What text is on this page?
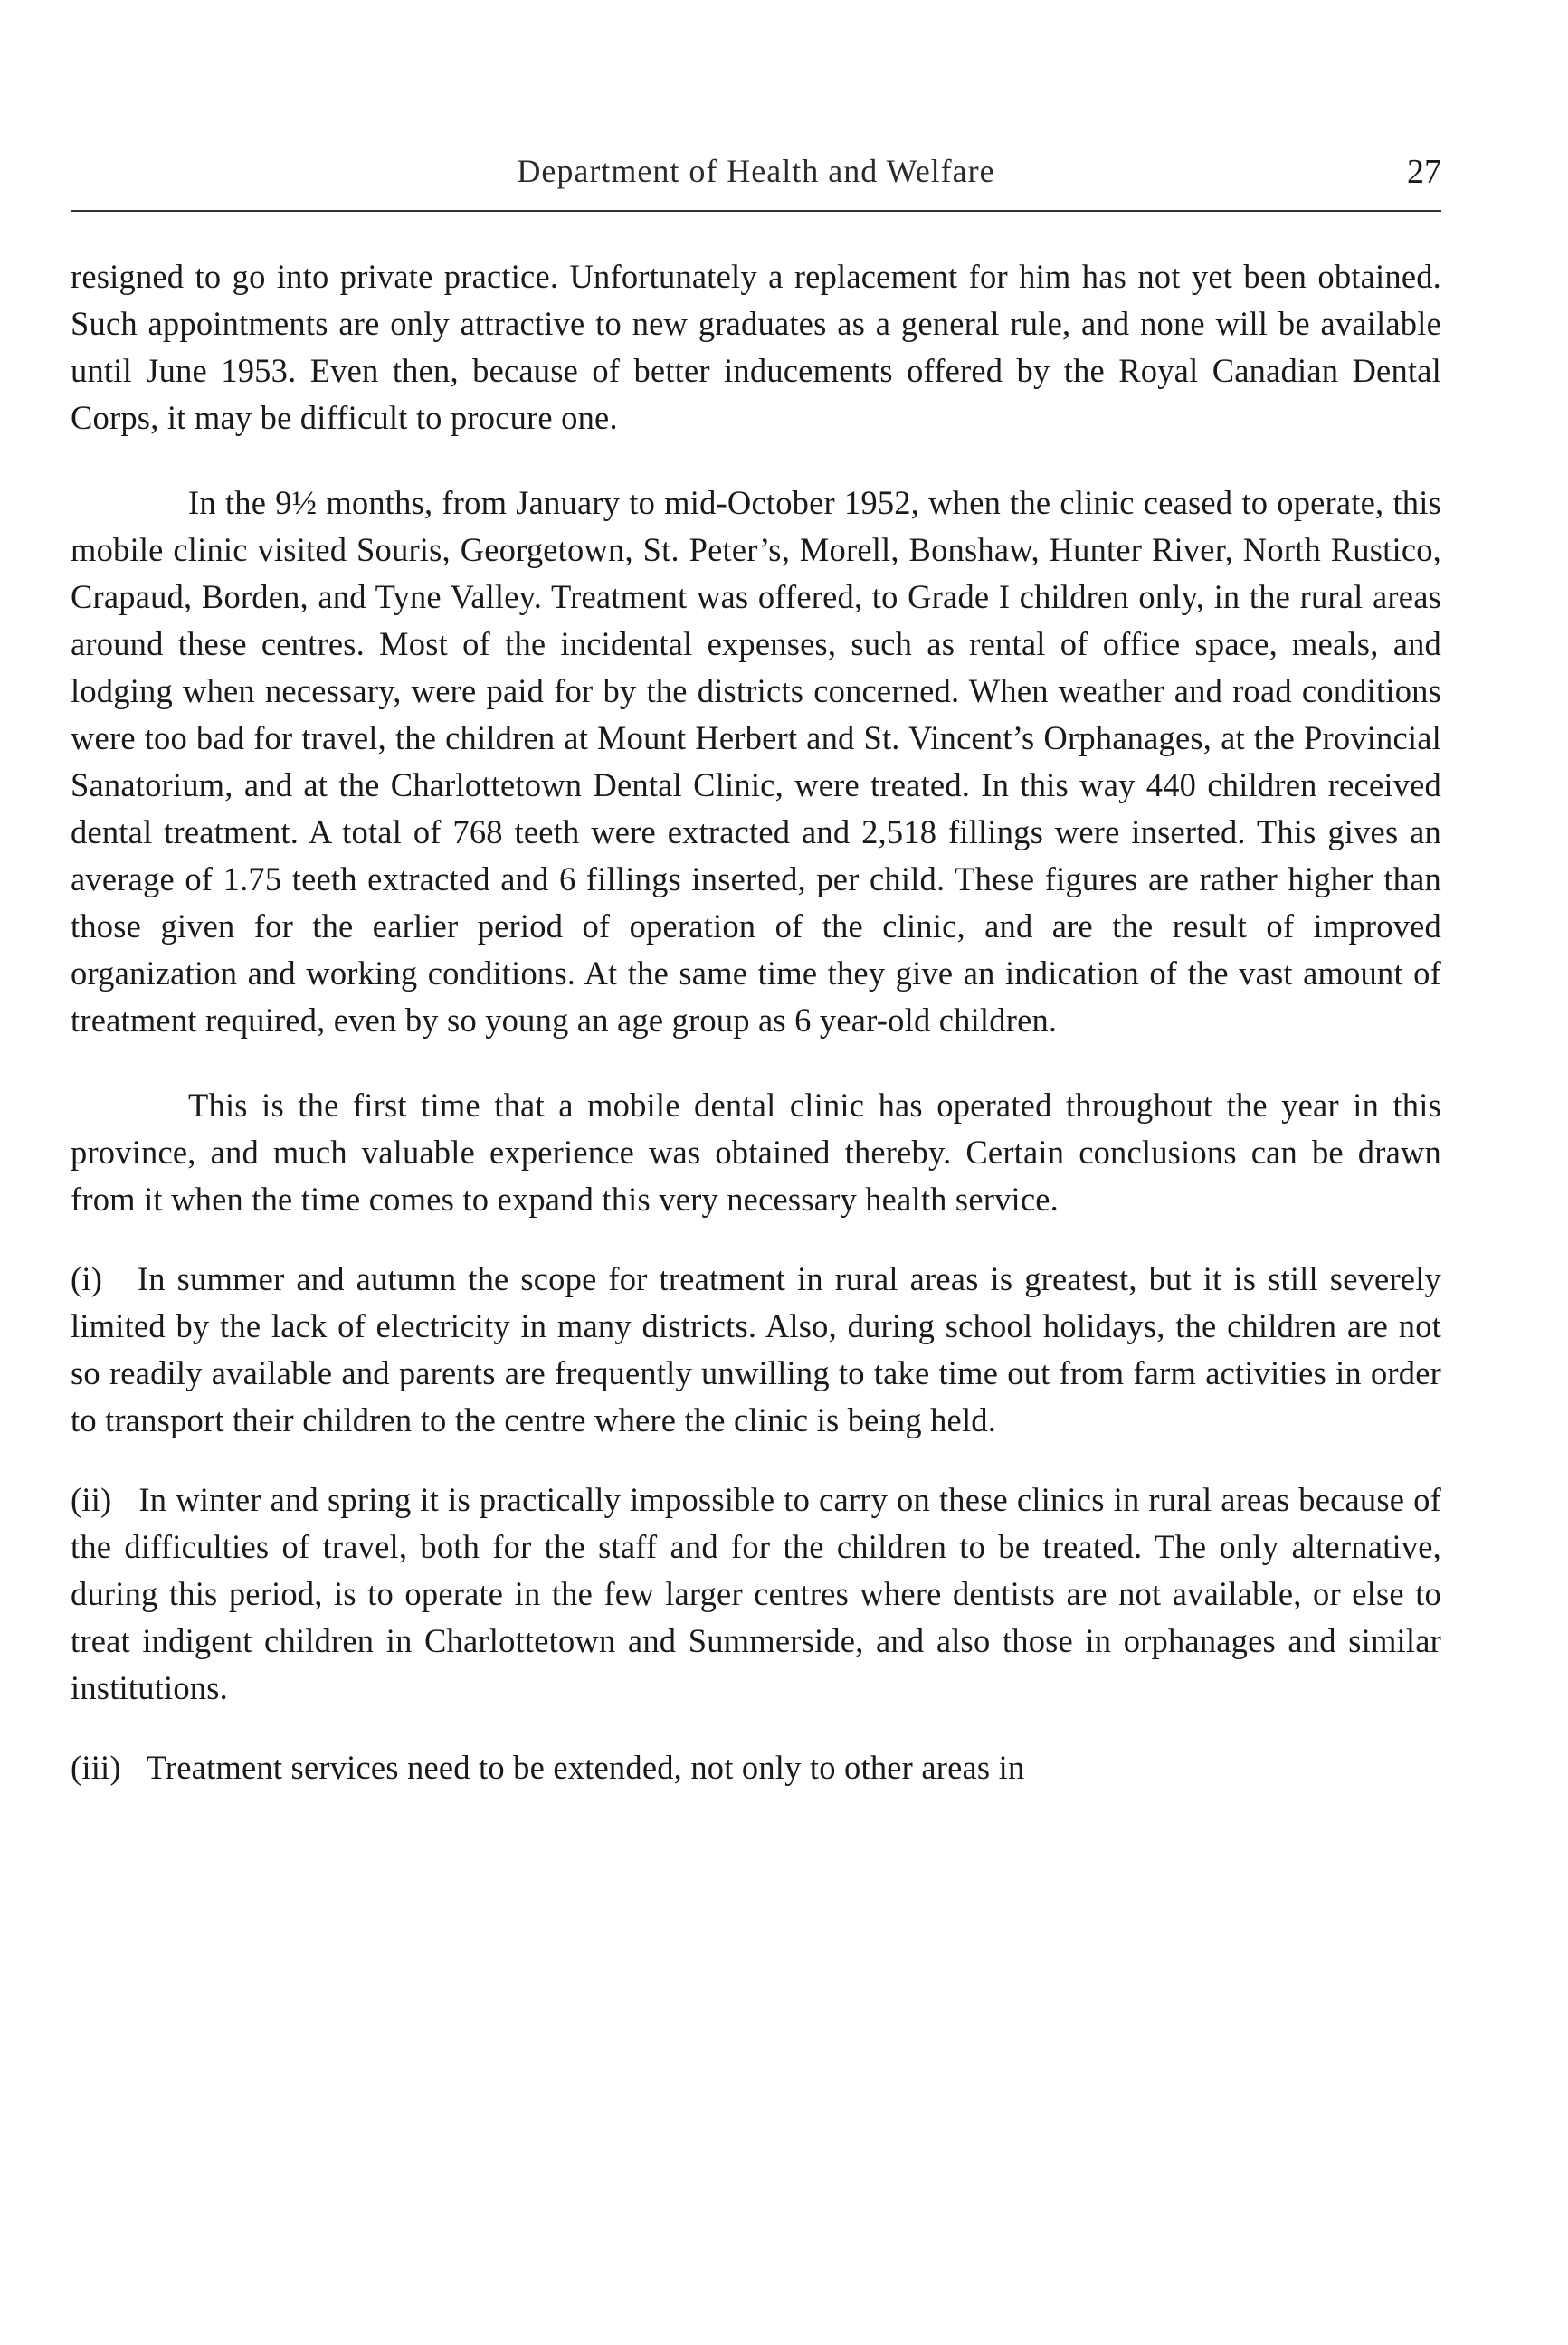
Department of Health and Welfare	27

resigned to go into private practice. Unfortunately a replacement for him has not yet been obtained. Such appointments are only attractive to new graduates as a general rule, and none will be available until June 1953. Even then, because of better inducements offered by the Royal Canadian Dental Corps, it may be difficult to procure one.

In the 9½ months, from January to mid-October 1952, when the clinic ceased to operate, this mobile clinic visited Souris, Georgetown, St. Peter’s, Morell, Bonshaw, Hunter River, North Rustico, Crapaud, Borden, and Tyne Valley. Treatment was offered, to Grade I children only, in the rural areas around these centres. Most of the incidental expenses, such as rental of office space, meals, and lodging when necessary, were paid for by the districts concerned. When weather and road conditions were too bad for travel, the children at Mount Herbert and St. Vincent’s Orphanages, at the Provincial Sanatorium, and at the Charlottetown Dental Clinic, were treated. In this way 440 children received dental treatment. A total of 768 teeth were extracted and 2,518 fillings were inserted. This gives an average of 1.75 teeth extracted and 6 fillings inserted, per child. These figures are rather higher than those given for the earlier period of operation of the clinic, and are the result of improved organization and working conditions. At the same time they give an indication of the vast amount of treatment required, even by so young an age group as 6 year-old children.

This is the first time that a mobile dental clinic has operated throughout the year in this province, and much valuable experience was obtained thereby. Certain conclusions can be drawn from it when the time comes to expand this very necessary health service.

(i) In summer and autumn the scope for treatment in rural areas is greatest, but it is still severely limited by the lack of electricity in many districts. Also, during school holidays, the children are not so readily available and parents are frequently unwilling to take time out from farm activities in order to transport their children to the centre where the clinic is being held.

(ii) In winter and spring it is practically impossible to carry on these clinics in rural areas because of the difficulties of travel, both for the staff and for the children to be treated. The only alternative, during this period, is to operate in the few larger centres where dentists are not available, or else to treat indigent children in Charlottetown and Summerside, and also those in orphanages and similar institutions.

(iii) Treatment services need to be extended, not only to other areas in
